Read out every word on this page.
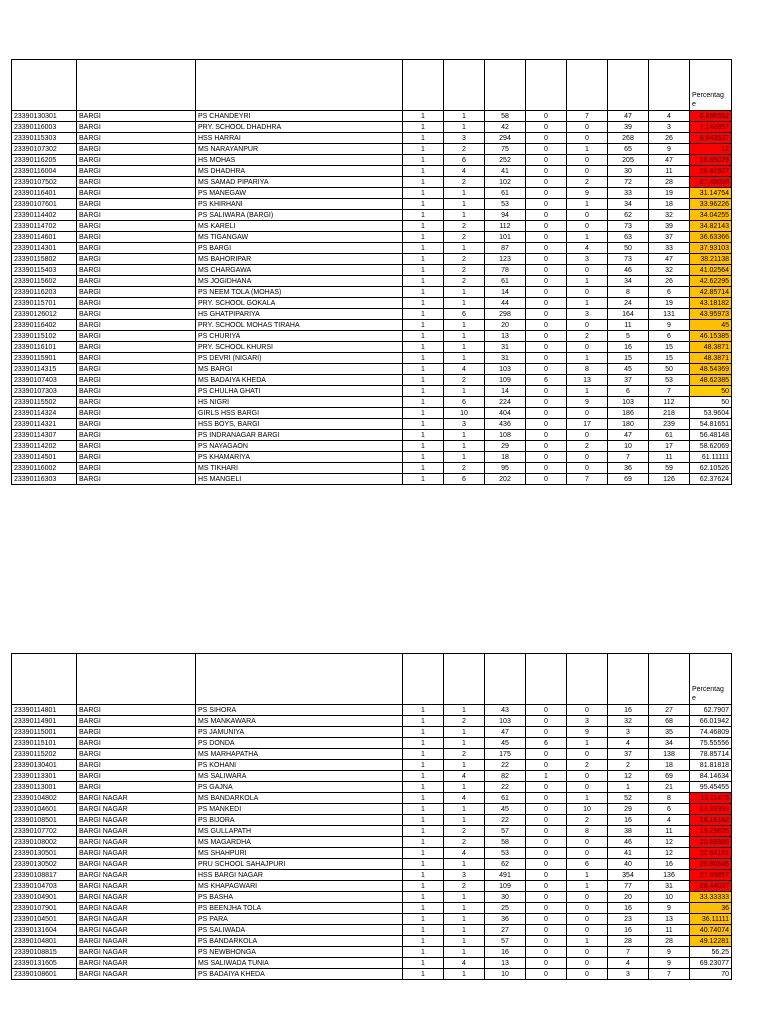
										Percentag
e
23390130301	BARGI	PS CHANDEYRI	1	1	58	0	7	47	4	6.896552
23390116003	BARGI	PRY. SCHOOL DHADHRA	1	1	42	0	0	39	3	7.142857
23390115303	BARGI	HSS HARRAI	1	3	294	0	0	268	26	8.843537
23390107302	BARGI	MS NARAYANPUR	1	2	75	0	1	65	9	12
23390116205	BARGI	HS MOHAS	1	6	252	0	0	205	47	18.65079
23390116004	BARGI	MS DHADHRA	1	4	41	0	0	30	11	26.82927
23390107502	BARGI	MS SAMAD PIPARIYA	1	2	102	0	2	72	28	27.45098
23390116401	BARGI	PS MANEGAW	1	1	61	0	9	33	19	31.14754
23390107601	BARGI	PS KHIRHANI	1	1	53	0	1	34	18	33.96226
23390114402	BARGI	PS SALIWARA (BARGI)	1	1	94	0	0	62	32	34.04255
23390114702	BARGI	MS KARELI	1	2	112	0	0	73	39	34.82143
23390114601	BARGI	MS TIGANGAW	1	2	101	0	1	63	37	36.63366
23390114301	BARGI	PS BARGI	1	1	87	0	4	50	33	37.93103
23390115802	BARGI	MS BAHORIPAR	1	2	123	0	3	73	47	38.21138
23390115403	BARGI	MS CHARGAWA	1	2	78	0	0	46	32	41.02564
23390115602	BARGI	MS JOGIDHANA	1	2	61	0	1	34	26	42.62295
23390116203	BARGI	PS NEEM TOLA (MOHAS)	1	1	14	0	0	8	6	42.85714
23390115701	BARGI	PRY. SCHOOL GOKALA	1	1	44	0	1	24	19	43.18182
23390126012	BARGI	HS GHATPIPARIYA	1	6	298	0	3	164	131	43.95973
23390116402	BARGI	PRY. SCHOOL MOHAS TIRAHA	1	1	20	0	0	11	9	45
23390115102	BARGI	PS CHURIYA	1	1	13	0	2	5	6	46.15385
23390116101	BARGI	PRY. SCHOOL KHURSI	1	1	31	0	0	16	15	48.3871
23390115901	BARGI	PS DEVRI (NIGARI)	1	1	31	0	1	15	15	48.3871
23390114315	BARGI	MS BARGI	1	4	103	0	8	45	50	48.54369
23390107403	BARGI	MS BADAIYA KHEDA	1	2	109	6	13	37	53	48.62385
23390107303	BARGI	PS CHULHA GHATI	1	1	14	0	1	6	7	50
23390115502	BARGI	HS NIGRI	1	6	224	0	9	103	112	50
23390114324	BARGI	GIRLS HSS BARGI	1	10	404	0	0	186	218	53.9604
23390114321	BARGI	HSS BOYS, BARGI	1	3	436	0	17	180	239	54.81651
23390114307	BARGI	PS INDRANAGAR BARGI	1	1	108	0	0	47	61	56.48148
23390114202	BARGI	PS NAYAGAON	1	1	29	0	2	10	17	58.62069
23390114501	BARGI	PS KHAMARIYA	1	1	18	0	0	7	11	61.11111
23390116002	BARGI	MS TIKHARI	1	2	95	0	0	36	59	62.10526
23390116303	BARGI	HS MANGELI	1	6	202	0	7	69	126	62.37624
										Percentag
e
23390114801	BARGI	PS SIHORA	1	1	43	0	0	16	27	62.7907
23390114901	BARGI	MS MANKAWARA	1	2	103	0	3	32	68	66.01942
23390115001	BARGI	PS JAMUNIYA	1	1	47	0	9	3	35	74.46809
23390115101	BARGI	PS DONDA	1	1	45	6	1	4	34	75.55556
23390115202	BARGI	MS MARHAPATHA	1	2	175	0	0	37	138	78.85714
23390130401	BARGI	PS KOHANI	1	1	22	0	2	2	18	81.81818
23390113301	BARGI	MS SALIWARA	1	4	82	1	0	12	69	84.14634
23390113001	BARGI	PS GAJNA	1	1	22	0	0	1	21	95.45455
23390104802	BARGI NAGAR	MS BANDARKOLA	1	4	61	0	1	52	8	13.11475
23390104601	BARGI NAGAR	PS MANKEDI	1	1	45	0	10	29	6	13.33333
23390108501	BARGI NAGAR	PS BIJORA	1	1	22	0	2	16	4	18.18182
23390107702	BARGI NAGAR	MS GULLAPATH	1	2	57	0	8	38	11	19.29825
23390108002	BARGI NAGAR	MS MAGARDHA	1	2	58	0	0	46	12	20.68966
23390130501	BARGI NAGAR	MS SHAHPURI	1	4	53	0	0	41	12	22.64151
23390130502	BARGI NAGAR	PRU SCHOOL SAHAJPURI	1	1	62	0	6	40	16	25.80645
23390108817	BARGI NAGAR	HSS BARGI NAGAR	1	3	491	0	1	354	136	27.69857
23390104703	BARGI NAGAR	MS KHAPAGWARI	1	2	109	0	1	77	31	28.44037
23390104901	BARGI NAGAR	PS BASHA	1	1	30	0	0	20	10	33.33333
23390107901	BARGI NAGAR	PS BEENJHA TOLA	1	1	25	0	0	16	9	36
23390104501	BARGI NAGAR	PS PARA	1	1	36	0	0	23	13	36.11111
23390131604	BARGI NAGAR	PS SALIWADA	1	1	27	0	0	16	11	40.74074
23390104801	BARGI NAGAR	PS BANDARKOLA	1	1	57	0	1	28	28	49.12281
23390108815	BARGI NAGAR	PS NEWBHONGA	1	1	16	0	0	7	9	56.25
23390131605	BARGI NAGAR	MS SALIWADA TUNIA	1	4	13	0	0	4	9	69.23077
23390108601	BARGI NAGAR	PS BADAIYA KHEDA	1	1	10	0	0	3	7	70
